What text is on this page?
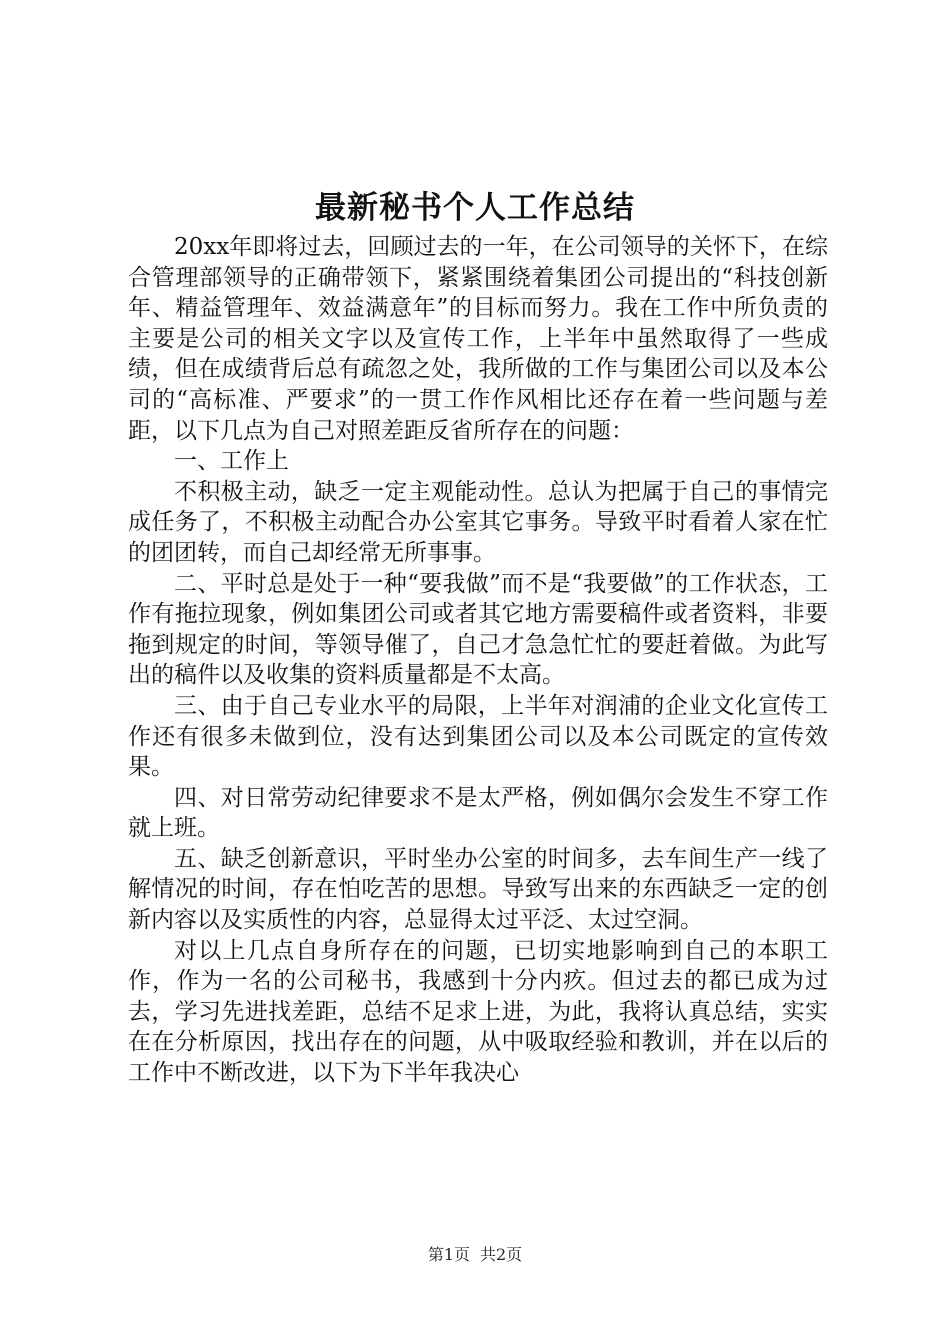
最新秘书个人工作总结

20xx年即将过去，回顾过去的一年，在公司领导的关怀下，在综合管理部领导的正确带领下，紧紧围绕着集团公司提出的“科技创新年、精益管理年、效益满意年”的目标而努力。我在工作中所负责的主要是公司的相关文字以及宣传工作，上半年中虽然取得了一些成绩，但在成绩背后总有疏忽之处，我所做的工作与集团公司以及本公司的“高标准、严要求”的一贯工作作风相比还存在着一些问题与差距，以下几点为自己对照差距反省所存在的问题：

一、工作上

不积极主动，缺乏一定主观能动性。总认为把属于自己的事情完成任务了，不积极主动配合办公室其它事务。导致平时看着人家在忙的团团转，而自己却经常无所事事。

二、平时总是处于一种“要我做”而不是“我要做”的工作状态，工作有拖拉现象，例如集团公司或者其它地方需要稿件或者资料，非要拖到规定的时间，等领导催了，自己才急急忙忙的要赶着做。为此写出的稿件以及收集的资料质量都是不太高。

三、由于自己专业水平的局限，上半年对润浦的企业文化宣传工作还有很多未做到位，没有达到集团公司以及本公司既定的宣传效果。

四、对日常劳动纪律要求不是太严格，例如偶尔会发生不穿工作就上班。

五、缺乏创新意识，平时坐办公室的时间多，去车间生产一线了解情况的时间，存在怕吃苦的思想。导致写出来的东西缺乏一定的创新内容以及实质性的内容，总显得太过平泛、太过空洞。

对以上几点自身所存在的问题，已切实地影响到自己的本职工作，作为一名的公司秘书，我感到十分内疚。但过去的都已成为过去，学习先进找差距，总结不足求上进，为此，我将认真总结，实实在在分析原因，找出存在的问题，从中吸取经验和教训，并在以后的工作中不断改进，以下为下半年我决心

第1页 共2页
